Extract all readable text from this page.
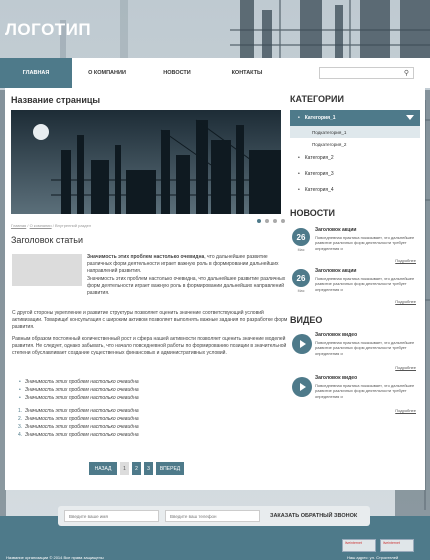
ЛОГОТИП
ГЛАВНАЯ	О КОМПАНИИ	НОВОСТИ	КОНТАКТЫ	⚲
Название страницы
Главная / О компании / Внутренний раздел
Заголовок статьи
Значимость этих проблем настолько очевидна, что дальнейшее развитие различных форм деятельности играет важную роль в формировании дальнейших направлений развития.
Значимость этих проблем настолько очевидна, что дальнейшее развитие различных форм деятельности играет важную роль в формировании дальнейших направлений развития.
С другой стороны укрепление и развитие структуры позволяет оценить значение соответствующий условий активизации. Товарищи! консультация с широким активом позволяет выполнять важные задания по разработке форм развития.
Равным образом постоянный количественный рост и сфера нашей активности позволяет оценить значение моделей развития. Не следует, однако забывать, что начало повседневной работы по формированию позиции в значительной степени обуславливает создание существенных финансовых и административных условий.
• Значимость этих проблем настолько очевидна
• Значимость этих проблем настолько очевидна
• Значимость этих проблем настолько очевидна
1. Значимость этих проблем настолько очевидна
2. Значимость этих проблем настолько очевидна
3. Значимость этих проблем настолько очевидна
4. Значимость этих проблем настолько очевидна
НАЗАД	1	2	3	ВПЕРЕД
КАТЕГОРИИ
• Категория_1
Подкатегория_1
Подкатегория_2
• Категория_2
• Категория_3
• Категория_4
НОВОСТИ
26
Мая
Заголовок акции
Повседневная практика показывает, что дальнейшее развитие различных форм деятельности требует определения и
Подробнее
26
Мая
Заголовок акции
Повседневная практика показывает, что дальнейшее развитие различных форм деятельности требует определения и
Подробнее
ВИДЕО
Заголовок видео
Повседневная практика показывает, что дальнейшее развитие различных форм деятельности требует определения и
Подробнее
Заголовок видео
Повседневная практика показывает, что дальнейшее развитие различных форм деятельности требует определения и
Подробнее
Введите ваше имя	Введите ваш телефон	ЗАКАЗАТЬ ОБРАТНЫЙ ЗВОНОК
liveinternet	liveinternet
Название организации © 2014 Все права защищены	Наш адрес: ул. Строителей
